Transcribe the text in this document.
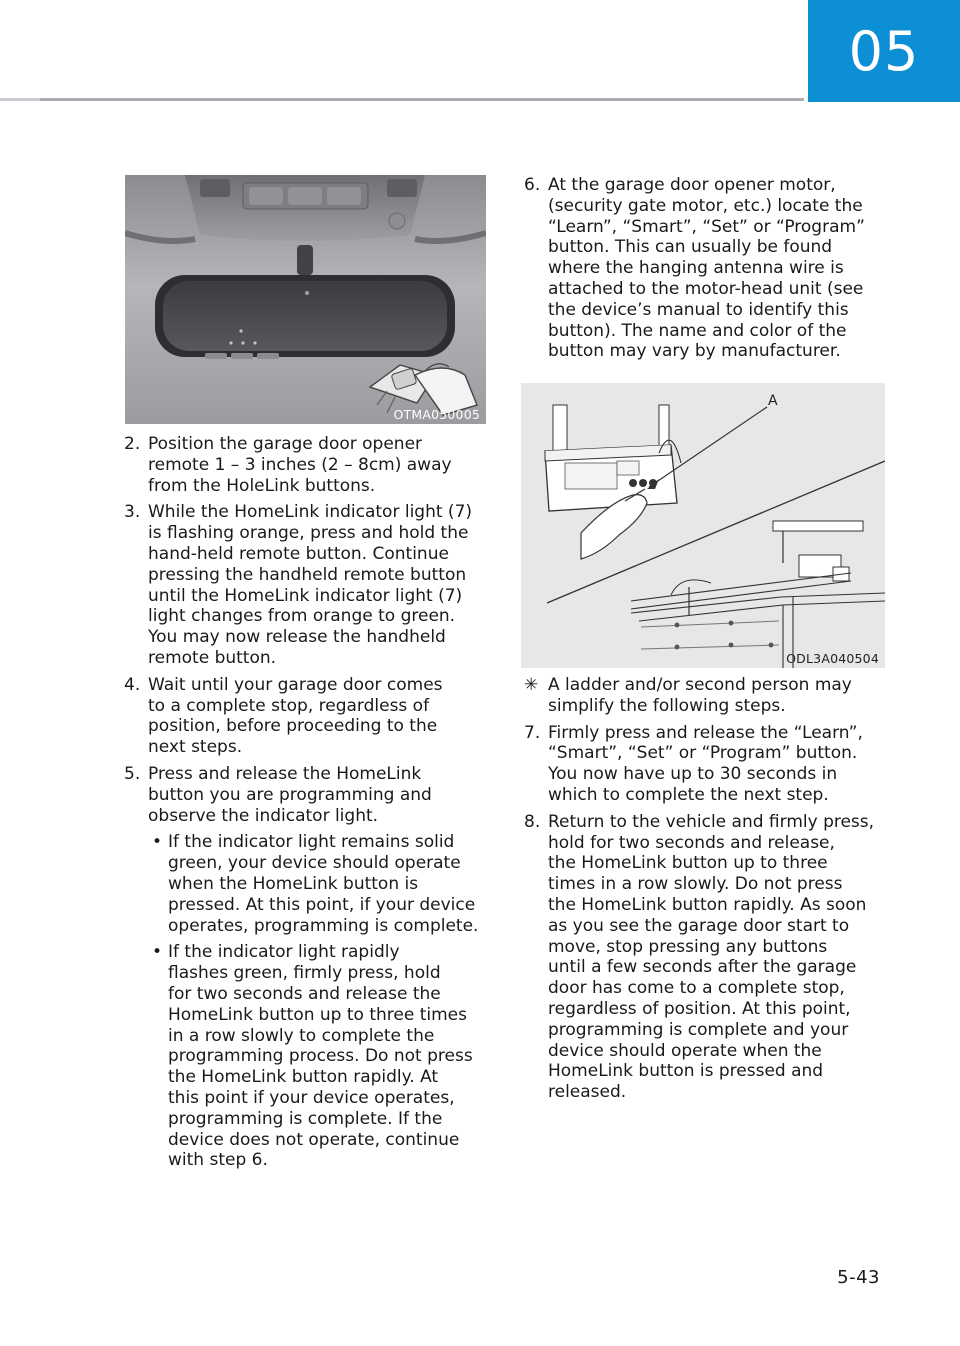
05
OTMA050005
A
ODL3A040504
2. Position the garage door opener
remote 1 – 3 inches (2 – 8cm) away
from the HoleLink buttons.
3. While the HomeLink indicator light (7)
is flashing orange, press and hold the
hand-held remote button. Continue
pressing the handheld remote button
until the HomeLink indicator light (7)
light changes from orange to green.
You may now release the handheld
remote button.
4. Wait until your garage door comes
to a complete stop, regardless of
position, before proceeding to the
next steps.
5. Press and release the HomeLink
button you are programming and
observe the indicator light.
• If the indicator light remains solid
green, your device should operate
when the HomeLink button is
pressed. At this point, if your device
operates, programming is complete.
• If the indicator light rapidly
flashes green, firmly press, hold
for two seconds and release the
HomeLink button up to three times
in a row slowly to complete the
programming process. Do not press
the HomeLink button rapidly. At
this point if your device operates,
programming is complete. If the
device does not operate, continue
with step 6.
6. At the garage door opener motor,
(security gate motor, etc.) locate the
“Learn”, “Smart”, “Set” or “Program”
button. This can usually be found
where the hanging antenna wire is
attached to the motor-head unit (see
the device’s manual to identify this
button). The name and color of the
button may vary by manufacturer.
✳ A ladder and/or second person may
simplify the following steps.
7. Firmly press and release the “Learn”,
“Smart”, “Set” or “Program” button.
You now have up to 30 seconds in
which to complete the next step.
8. Return to the vehicle and firmly press,
hold for two seconds and release,
the HomeLink button up to three
times in a row slowly. Do not press
the HomeLink button rapidly. As soon
as you see the garage door start to
move, stop pressing any buttons
until a few seconds after the garage
door has come to a complete stop,
regardless of position. At this point,
programming is complete and your
device should operate when the
HomeLink button is pressed and
released.
5-43
